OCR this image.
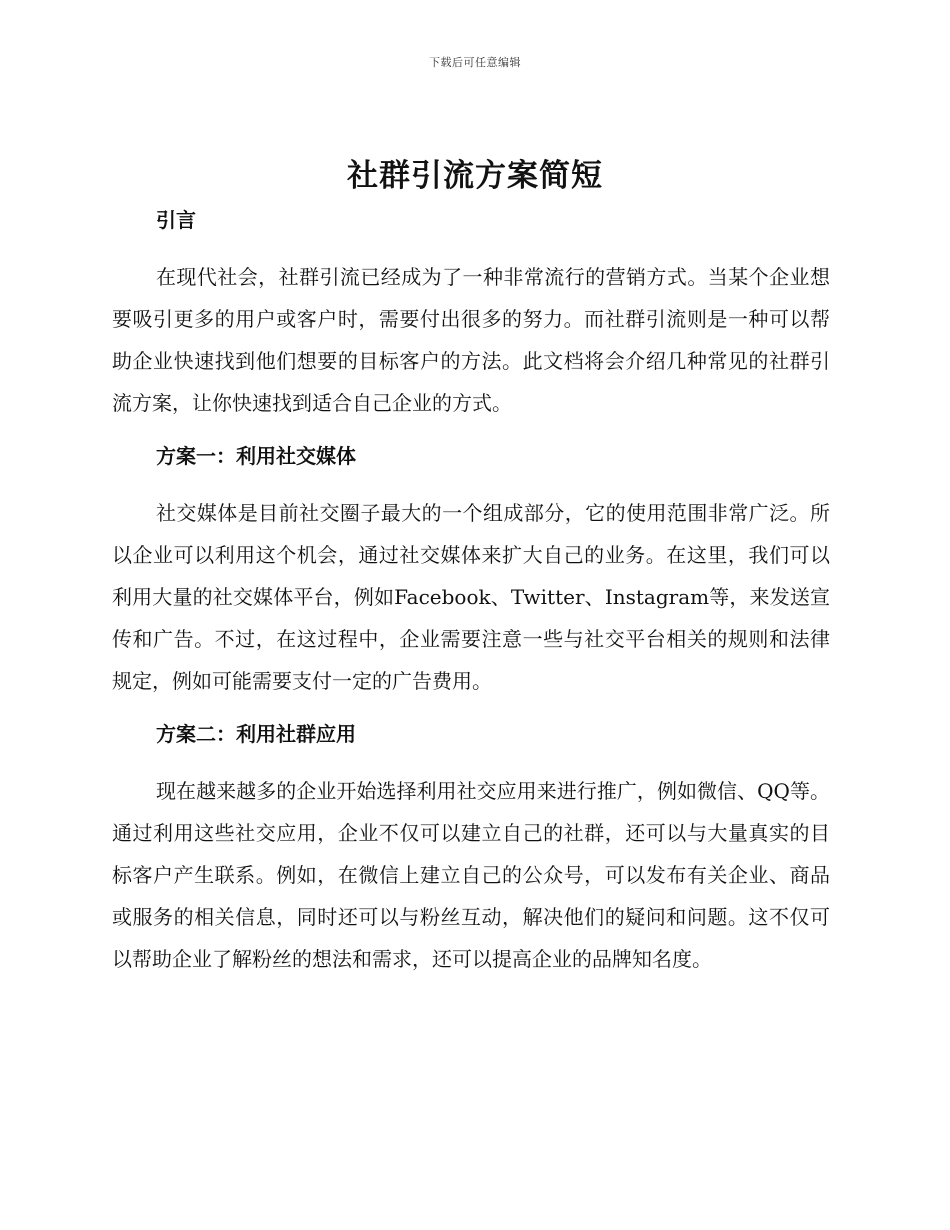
下载后可任意编辑
社群引流方案简短
引言

在现代社会，社群引流已经成为了一种非常流行的营销方式。当某个企业想要吸引更多的用户或客户时，需要付出很多的努力。而社群引流则是一种可以帮助企业快速找到他们想要的目标客户的方法。此文档将会介绍几种常见的社群引流方案，让你快速找到适合自己企业的方式。

方案一：利用社交媒体

社交媒体是目前社交圈子最大的一个组成部分，它的使用范围非常广泛。所以企业可以利用这个机会，通过社交媒体来扩大自己的业务。在这里，我们可以利用大量的社交媒体平台，例如Facebook、Twitter、Instagram等，来发送宣传和广告。不过，在这过程中，企业需要注意一些与社交平台相关的规则和法律规定，例如可能需要支付一定的广告费用。

方案二：利用社群应用

现在越来越多的企业开始选择利用社交应用来进行推广，例如微信、QQ等。通过利用这些社交应用，企业不仅可以建立自己的社群，还可以与大量真实的目标客户产生联系。例如，在微信上建立自己的公众号，可以发布有关企业、商品或服务的相关信息，同时还可以与粉丝互动，解决他们的疑问和问题。这不仅可以帮助企业了解粉丝的想法和需求，还可以提高企业的品牌知名度。
